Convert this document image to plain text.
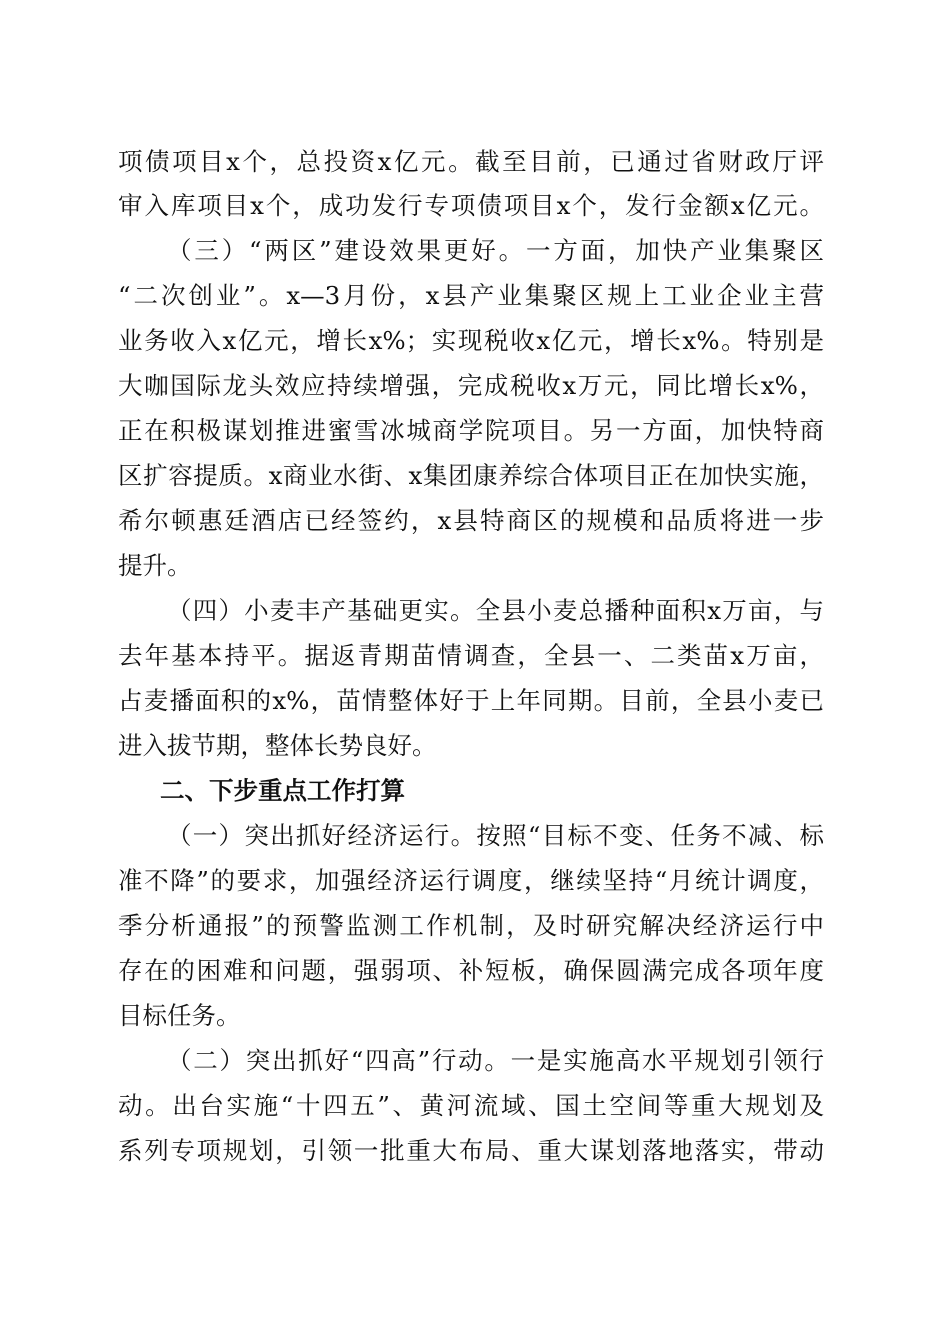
项债项目x个，总投资x亿元。截至目前，已通过省财政厅评
审入库项目x个，成功发行专项债项目x个，发行金额x亿元。
（三）“两区”建设效果更好。一方面，加快产业集聚区
“二次创业”。x—3月份，x县产业集聚区规上工业企业主营
业务收入x亿元，增长x%；实现税收x亿元，增长x%。特别是
大咖国际龙头效应持续增强，完成税收x万元，同比增长x%，
正在积极谋划推进蜜雪冰城商学院项目。另一方面，加快特商
区扩容提质。x商业水街、x集团康养综合体项目正在加快实施，
希尔顿惠廷酒店已经签约，x县特商区的规模和品质将进一步
提升。
（四）小麦丰产基础更实。全县小麦总播种面积x万亩，与
去年基本持平。据返青期苗情调查，全县一、二类苗x万亩，
占麦播面积的x%，苗情整体好于上年同期。目前，全县小麦已
进入拔节期，整体长势良好。
二、下步重点工作打算
（一）突出抓好经济运行。按照“目标不变、任务不减、标
准不降”的要求，加强经济运行调度，继续坚持“月统计调度，
季分析通报”的预警监测工作机制，及时研究解决经济运行中
存在的困难和问题，强弱项、补短板，确保圆满完成各项年度
目标任务。
（二）突出抓好“四高”行动。一是实施高水平规划引领行
动。出台实施“十四五”、黄河流域、国土空间等重大规划及
系列专项规划，引领一批重大布局、重大谋划落地落实，带动
